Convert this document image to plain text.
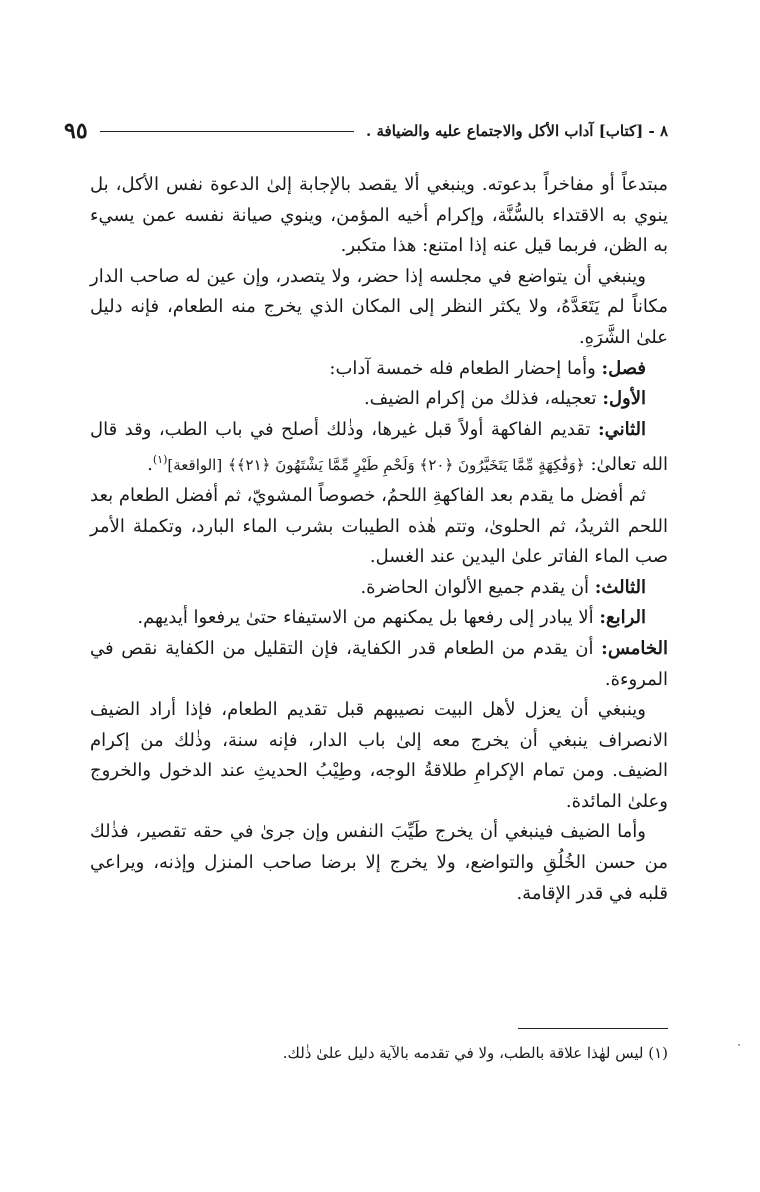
٨ - [كتاب] آداب الأكل والاجتماع عليه والضيافة .
٩٥

مبتدعاً أو مفاخراً بدعوته. وينبغي ألا يقصد بالإجابة إلىٰ الدعوة نفس الأكل، بل ينوي به الاقتداء بالسُّنَّة، وإكرام أخيه المؤمن، وينوي صيانة نفسه عمن يسيء به الظن، فربما قيل عنه إذا امتنع: هذا متكبر.

وينبغي أن يتواضع في مجلسه إذا حضر، ولا يتصدر، وإن عين له صاحب الدار مكاناً لم يَتَعَدَّهُ، ولا يكثر النظر إلى المكان الذي يخرج منه الطعام، فإنه دليل علىٰ الشَّرَهِ.

فصل: وأما إحضار الطعام فله خمسة آداب:

الأول: تعجيله، فذلك من إكرام الضيف.

الثاني: تقديم الفاكهة أولاً قبل غيرها، وذٰلك أصلح في باب الطب، وقد قال الله تعالىٰ: ﴿وَفَٰكِهَةٍ مِّمَّا يَتَخَيَّرُونَ ﴿٢٠﴾ وَلَحْمِ طَيْرٍ مِّمَّا يَشْتَهُونَ ﴿٢١﴾﴾ [الواقعة]$^{(١)}$.

ثم أفضل ما يقدم بعد الفاكهةِ اللحمُ، خصوصاً المشويّ، ثم أفضل الطعام بعد اللحم الثريدُ، ثم الحلوىٰ، وتتم هٰذه الطيبات بشرب الماء البارد، وتكملة الأمر صب الماء الفاتر علىٰ اليدين عند الغسل.

الثالث: أن يقدم جميع الألوان الحاضرة.

الرابع: ألا يبادر إلى رفعها بل يمكنهم من الاستيفاء حتىٰ يرفعوا أيديهم.

الخامس: أن يقدم من الطعام قدر الكفاية، فإن التقليل من الكفاية نقص في المروءة.

وينبغي أن يعزل لأهل البيت نصيبهم قبل تقديم الطعام، فإذا أراد الضيف الانصراف ينبغي أن يخرج معه إلىٰ باب الدار، فإنه سنة، وذٰلك من إكرام الضيف. ومن تمام الإكرامِ طلاقةُ الوجه، وطِيْبُ الحديثِ عند الدخول والخروج وعلىٰ المائدة.

وأما الضيف فينبغي أن يخرج طَيِّبَ النفس وإن جرىٰ في حقه تقصير، فذٰلك من حسن الخُلُقِ والتواضع، ولا يخرج إلا برضا صاحب المنزل وإذنه، ويراعي قلبه في قدر الإقامة.

(١) ليس لهٰذا علاقة بالطب، ولا في تقدمه بالآية دليل علىٰ ذٰلك.
